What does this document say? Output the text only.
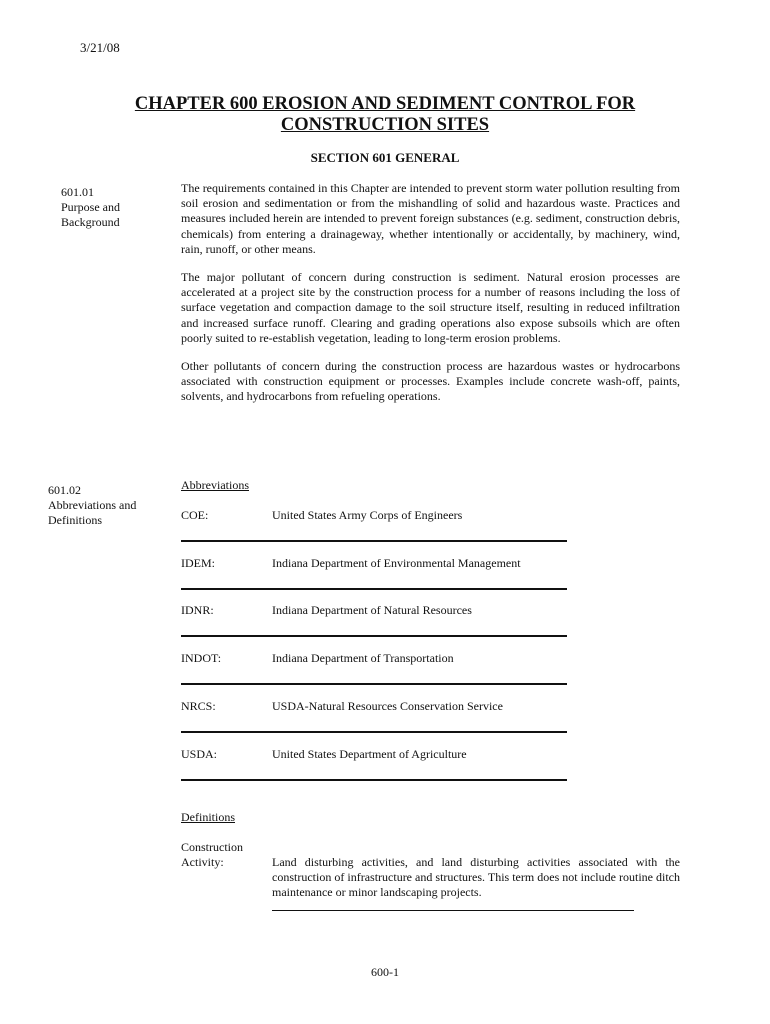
3/21/08
CHAPTER 600 EROSION AND SEDIMENT CONTROL FOR
CONSTRUCTION SITES
SECTION 601 GENERAL
601.01
Purpose and
Background
The requirements contained in this Chapter are intended to prevent storm water pollution resulting from soil erosion and sedimentation or from the mishandling of solid and hazardous waste. Practices and measures included herein are intended to prevent foreign substances (e.g. sediment, construction debris, chemicals) from entering a drainageway, whether intentionally or accidentally, by machinery, wind, rain, runoff, or other means.
The major pollutant of concern during construction is sediment. Natural erosion processes are accelerated at a project site by the construction process for a number of reasons including the loss of surface vegetation and compaction damage to the soil structure itself, resulting in reduced infiltration and increased surface runoff. Clearing and grading operations also expose subsoils which are often poorly suited to re-establish vegetation, leading to long-term erosion problems.
Other pollutants of concern during the construction process are hazardous wastes or hydrocarbons associated with construction equipment or processes. Examples include concrete wash-off, paints, solvents, and hydrocarbons from refueling operations.
601.02
Abbreviations and
Definitions
Abbreviations
COE:	United States Army Corps of Engineers
IDEM:	Indiana Department of Environmental Management
IDNR:	Indiana Department of Natural Resources
INDOT:	Indiana Department of Transportation
NRCS:	USDA-Natural Resources Conservation Service
USDA:	United States Department of Agriculture
Definitions
Construction
Activity:	Land disturbing activities, and land disturbing activities associated with the construction of infrastructure and structures. This term does not include routine ditch maintenance or minor landscaping projects.
600-1
